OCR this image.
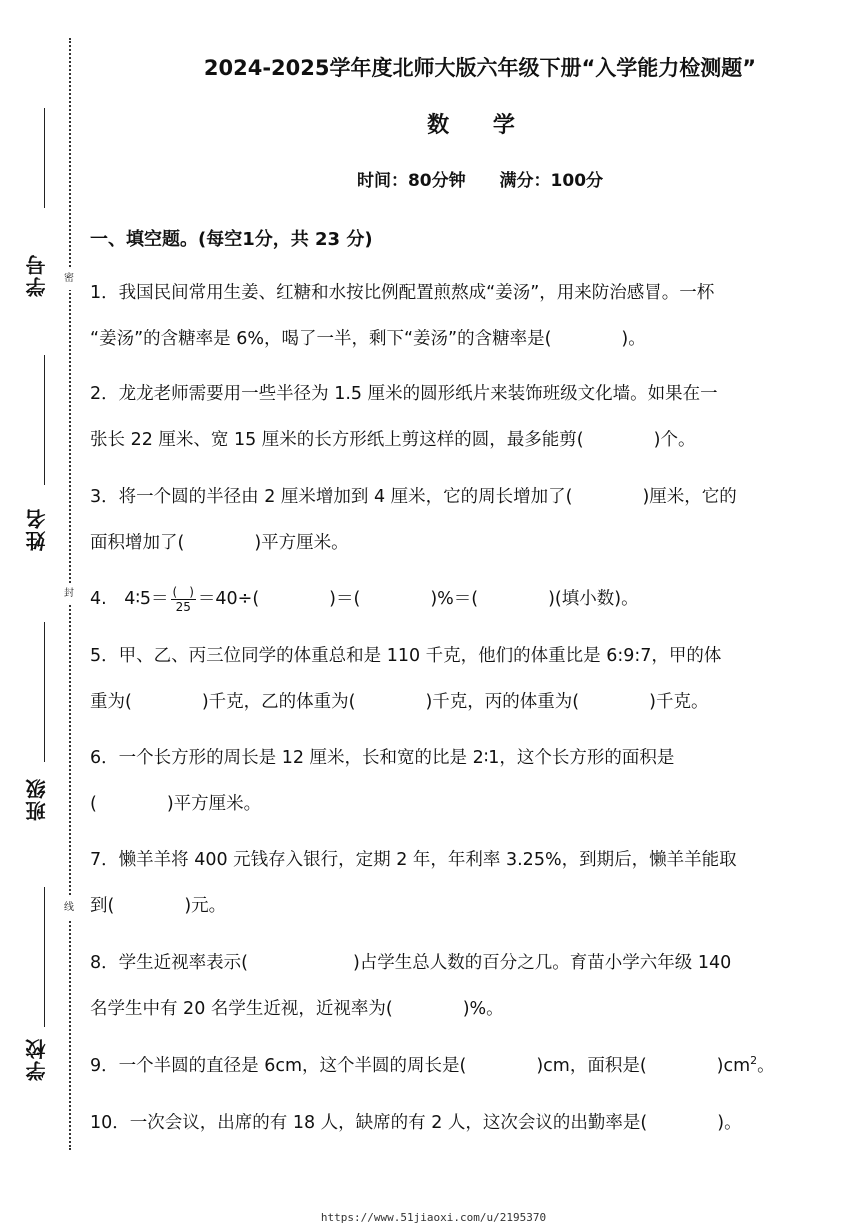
密
封
线
学号
姓名
班级
学校
2024-2025学年度北师大版六年级下册“入学能力检测题”
数 学
时间：80分钟 满分：100分
一、填空题。(每空1分，共 23 分)
1．我国民间常用生姜、红糖和水按比例配置煎熬成“姜汤”，用来防治感冒。一杯
“姜汤”的含糖率是 6%，喝了一半，剩下“姜汤”的含糖率是(　　　　)。
2．龙龙老师需要用一些半径为 1.5 厘米的圆形纸片来装饰班级文化墙。如果在一
张长 22 厘米、宽 15 厘米的长方形纸上剪这样的圆，最多能剪(　　　　)个。
3．将一个圆的半径由 2 厘米增加到 4 厘米，它的周长增加了(　　　　)厘米，它的
面积增加了(　　　　)平方厘米。
4.　4∶5＝ $\frac{( )}{25} =40\div$(　　　　)＝(　　　　)%＝(　　　　)(填小数)。
5．甲、乙、丙三位同学的体重总和是 110 千克，他们的体重比是 6:9:7，甲的体
重为(　　　　)千克，乙的体重为(　　　　)千克，丙的体重为(　　　　)千克。
6．一个长方形的周长是 12 厘米，长和宽的比是 2∶1，这个长方形的面积是
(　　　　)平方厘米。
7．懒羊羊将 400 元钱存入银行，定期 2 年，年利率 3.25%，到期后，懒羊羊能取
到(　　　　)元。
8．学生近视率表示(　　　　　　)占学生总人数的百分之几。育苗小学六年级 140
名学生中有 20 名学生近视，近视率为(　　　　)%。
9．一个半圆的直径是 6cm，这个半圆的周长是(　　　　)cm，面积是(　　　　)$cm^2$。
10．一次会议，出席的有 18 人，缺席的有 2 人，这次会议的出勤率是(　　　　)。
https://www.51jiaoxi.com/u/2195370
